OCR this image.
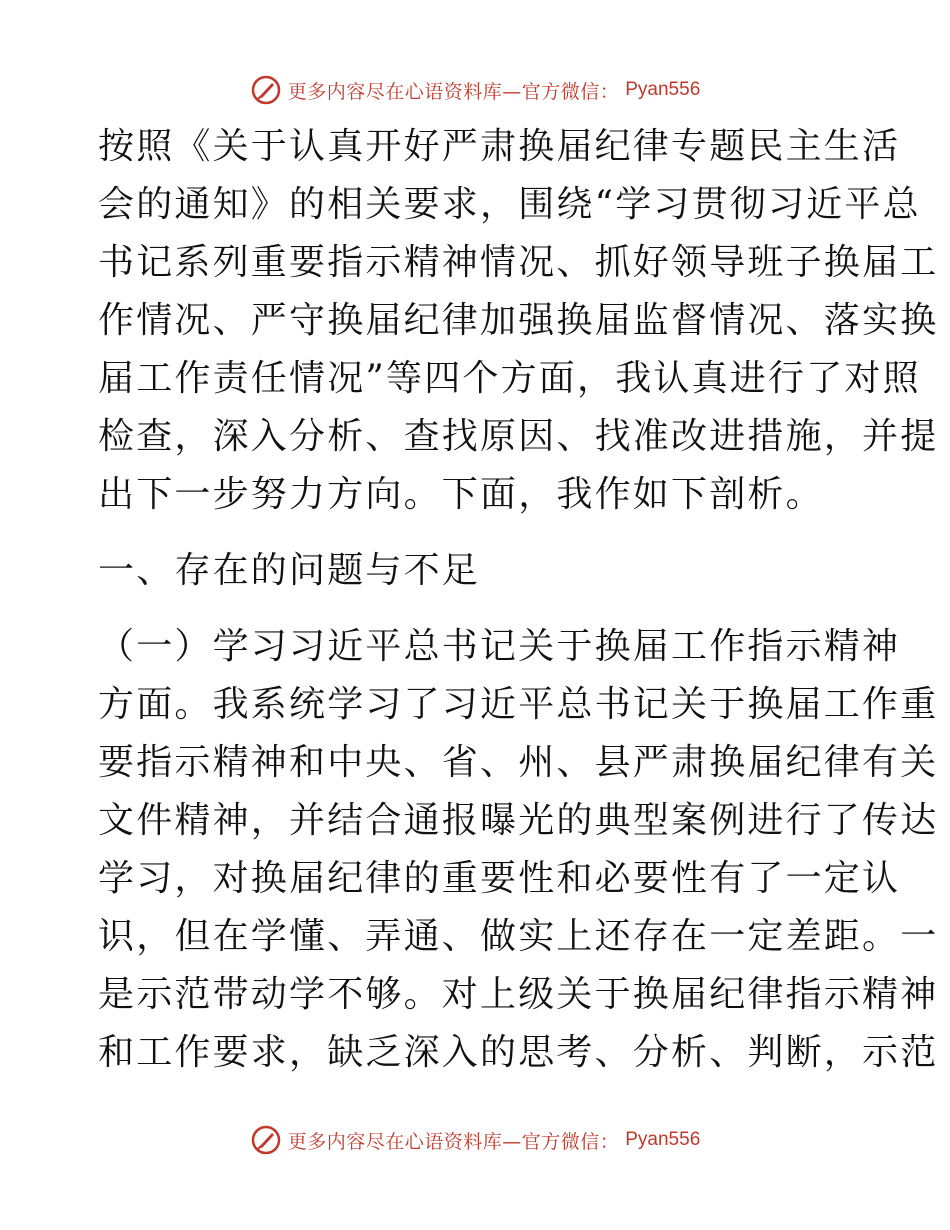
更多内容尽在心语资料库—官方微信： Pyan556
按照《关于认真开好严肃换届纪律专题民主生活
会的通知》的相关要求，围绕“学习贯彻习近平总
书记系列重要指示精神情况、抓好领导班子换届工
作情况、严守换届纪律加强换届监督情况、落实换
届工作责任情况”等四个方面，我认真进行了对照
检查，深入分析、查找原因、找准改进措施，并提
出下一步努力方向。下面，我作如下剖析。
一、存在的问题与不足
（一）学习习近平总书记关于换届工作指示精神
方面。我系统学习了习近平总书记关于换届工作重
要指示精神和中央、省、州、县严肃换届纪律有关
文件精神，并结合通报曝光的典型案例进行了传达
学习，对换届纪律的重要性和必要性有了一定认
识，但在学懂、弄通、做实上还存在一定差距。一
是示范带动学不够。对上级关于换届纪律指示精神
和工作要求，缺乏深入的思考、分析、判断，示范
更多内容尽在心语资料库—官方微信： Pyan556
